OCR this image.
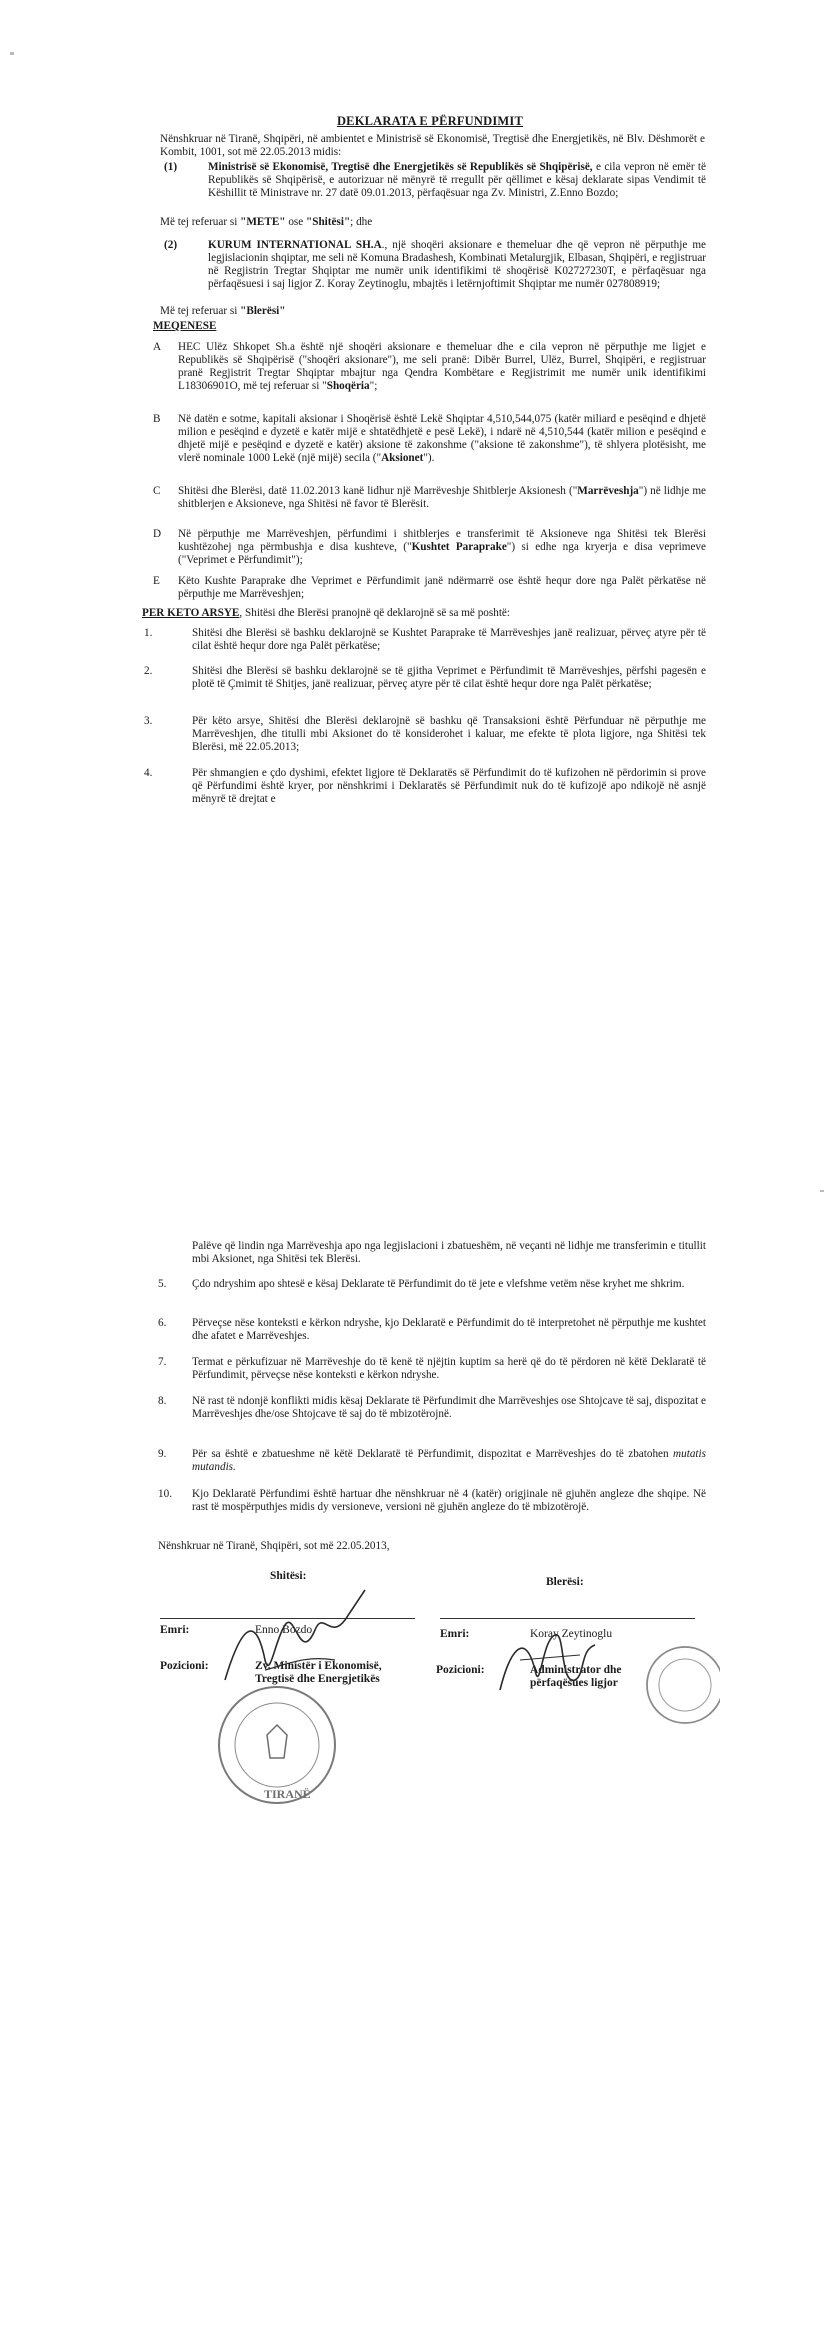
DEKLARATA E PËRFUNDIMIT
Nënshkruar në Tiranë, Shqipëri, në ambientet e Ministrisë së Ekonomisë, Tregtisë dhe Energjetikës, në Blv. Dëshmorët e Kombit, 1001, sot më 22.05.2013 midis:
(1)	Ministrisë së Ekonomisë, Tregtisë dhe Energjetikës së Republikës së Shqipërisë, e cila vepron në emër të Republikës së Shqipërisë, e autorizuar në mënyrë të rregullt për qëllimet e kësaj deklarate sipas Vendimit të Këshillit të Ministrave nr. 27 datë 09.01.2013, përfaqësuar nga Zv. Ministri, Z.Enno Bozdo;
Më tej referuar si "METE" ose "Shitësi"; dhe
(2)	KURUM INTERNATIONAL SH.A., një shoqëri aksionare e themeluar dhe që vepron në përputhje me legjislacionin shqiptar, me seli në Komuna Bradashesh, Kombinati Metalurgjik, Elbasan, Shqipëri, e regjistruar në Regjistrin Tregtar Shqiptar me numër unik identifikimi të shoqërisë K02727230T, e përfaqësuar nga përfaqësuesi i saj ligjor Z. Koray Zeytinoglu, mbajtës i letërnjoftimit Shqiptar me numër 027808919;
Më tej referuar si "Blerësi"
MEQENESE
A	HEC Ulëz Shkopet Sh.a është një shoqëri aksionare e themeluar dhe e cila vepron në përputhje me ligjet e Republikës së Shqipërisë ("shoqëri aksionare"), me seli pranë: Dibër Burrel, Ulëz, Burrel, Shqipëri, e regjistruar pranë Regjistrit Tregtar Shqiptar mbajtur nga Qendra Kombëtare e Regjistrimit me numër unik identifikimi L18306901O, më tej referuar si "Shoqëria";
B	Në datën e sotme, kapitali aksionar i Shoqërisë është Lekë Shqiptar 4,510,544,075 (katër miliard e pesëqind e dhjetë milion e pesëqind e dyzetë e katër mijë e shtatëdhjetë e pesë Lekë), i ndarë në 4,510,544 (katër milion e pesëqind e dhjetë mijë e pesëqind e dyzetë e katër) aksione të zakonshme ("aksione të zakonshme"), të shlyera plotësisht, me vlerë nominale 1000 Lekë (një mijë) secila ("Aksionet").
C	Shitësi dhe Blerësi, datë 11.02.2013 kanë lidhur një Marrëveshje Shitblerje Aksionesh ("Marrëveshja") në lidhje me shitblerjen e Aksioneve, nga Shitësi në favor të Blerësit.
D	Në përputhje me Marrëveshjen, përfundimi i shitblerjes e transferimit të Aksioneve nga Shitësi tek Blerësi kushtëzohej nga përmbushja e disa kushteve, ("Kushtet Paraprake") si edhe nga kryerja e disa veprimeve ("Veprimet e Përfundimit");
E	Këto Kushte Paraprake dhe Veprimet e Përfundimit janë ndërmarrë ose është hequr dore nga Palët përkatëse në përputhje me Marrëveshjen;
PER KETO ARSYE, Shitësi dhe Blerësi pranojnë që deklarojnë së sa më poshtë:
1.	Shitësi dhe Blerësi së bashku deklarojnë se Kushtet Paraprake të Marrëveshjes janë realizuar, përveç atyre për të cilat është hequr dore nga Palët përkatëse;
2.	Shitësi dhe Blerësi së bashku deklarojnë se të gjitha Veprimet e Përfundimit të Marrëveshjes, përfshi pagesën e plotë të Çmimit të Shitjes, janë realizuar, përveç atyre për të cilat është hequr dore nga Palët përkatëse;
3.	Për këto arsye, Shitësi dhe Blerësi deklarojnë së bashku që Transaksioni është Përfunduar në përputhje me Marrëveshjen, dhe titulli mbi Aksionet do të konsiderohet i kaluar, me efekte të plota ligjore, nga Shitësi tek Blerësi, më 22.05.2013;
4.	Për shmangien e çdo dyshimi, efektet ligjore të Deklaratës së Përfundimit do të kufizohen në përdorimin si prove që Përfundimi është kryer, por nënshkrimi i Deklaratës së Përfundimit nuk do të kufizojë apo ndikojë në asnjë mënyrë të drejtat e
Palëve që lindin nga Marrëveshja apo nga legjislacioni i zbatueshëm, në veçanti në lidhje me transferimin e titullit mbi Aksionet, nga Shitësi tek Blerësi.
5.	Çdo ndryshim apo shtesë e kësaj Deklarate të Përfundimit do të jete e vlefshme vetëm nëse kryhet me shkrim.
6.	Përveçse nëse konteksti e kërkon ndryshe, kjo Deklaratë e Përfundimit do të interpretohet në përputhje me kushtet dhe afatet e Marrëveshjes.
7.	Termat e përkufizuar në Marrëveshje do të kenë të njëjtin kuptim sa herë që do të përdoren në këtë Deklaratë të Përfundimit, përveçse nëse konteksti e kërkon ndryshe.
8.	Në rast të ndonjë konflikti midis kësaj Deklarate të Përfundimit dhe Marrëveshjes ose Shtojcave të saj, dispozitat e Marrëveshjes dhe/ose Shtojcave të saj do të mbizotërojnë.
9.	Për sa është e zbatueshme në këtë Deklaratë të Përfundimit, dispozitat e Marrëveshjes do të zbatohen mutatis mutandis.
10.	Kjo Deklaratë Përfundimi është hartuar dhe nënshkruar në 4 (katër) origjinale në gjuhën angleze dhe shqipe. Në rast të mospërputhjes midis dy versioneve, versioni në gjuhën angleze do të mbizotërojë.
Nënshkruar në Tiranë, Shqipëri, sot më 22.05.2013,
Shitësi:	Blerësi:
Emri:	Enno Bozdo	Emri:	Koray Zeytinoglu
Pozicioni:	Zv. Ministër i Ekonomisë, Tregtisë dhe Energjetikës
Pozicioni:	Administrator dhe përfaqësues ligjor
TIRANË
